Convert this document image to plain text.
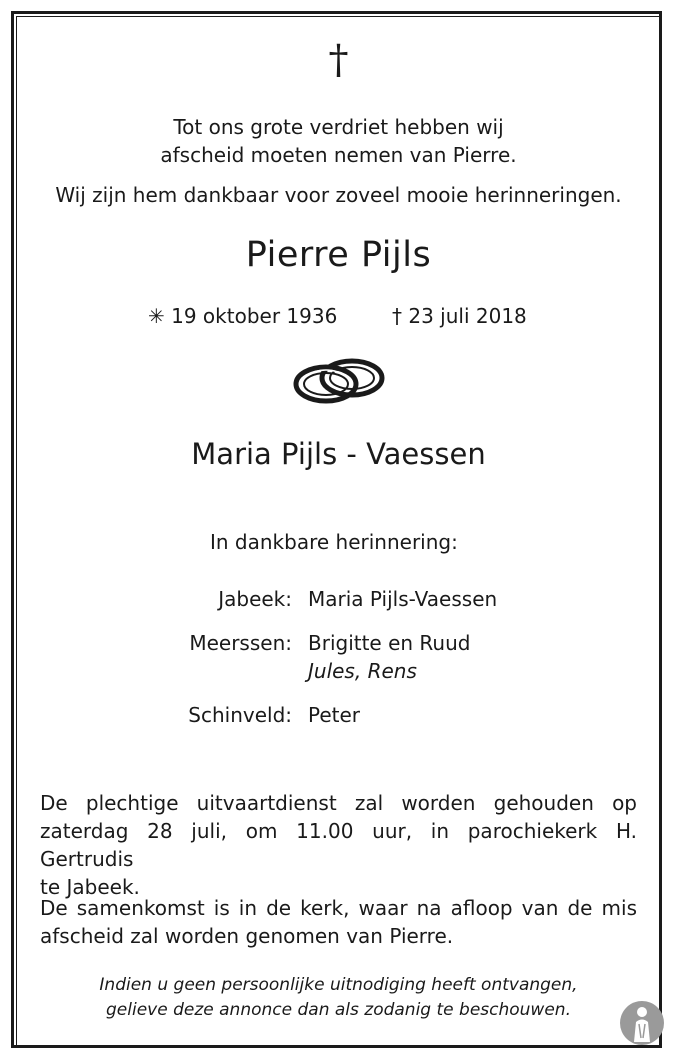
†
Tot ons grote verdriet hebben wij
afscheid moeten nemen van Pierre.
Wij zijn hem dankbaar voor zoveel mooie herinneringen.
Pierre Pijls
✳ 19 oktober 1936	† 23 juli 2018
Maria Pijls - Vaessen
In dankbare herinnering:
Jabeek: Maria Pijls-Vaessen
Meerssen: Brigitte en Ruud
Jules, Rens
Schinveld: Peter
De plechtige uitvaartdienst zal worden gehouden op
zaterdag 28 juli, om 11.00 uur, in parochiekerk H. Gertrudis
te Jabeek.
De samenkomst is in de kerk, waar na afloop van de mis
afscheid zal worden genomen van Pierre.
Indien u geen persoonlijke uitnodiging heeft ontvangen,
gelieve deze annonce dan als zodanig te beschouwen.
